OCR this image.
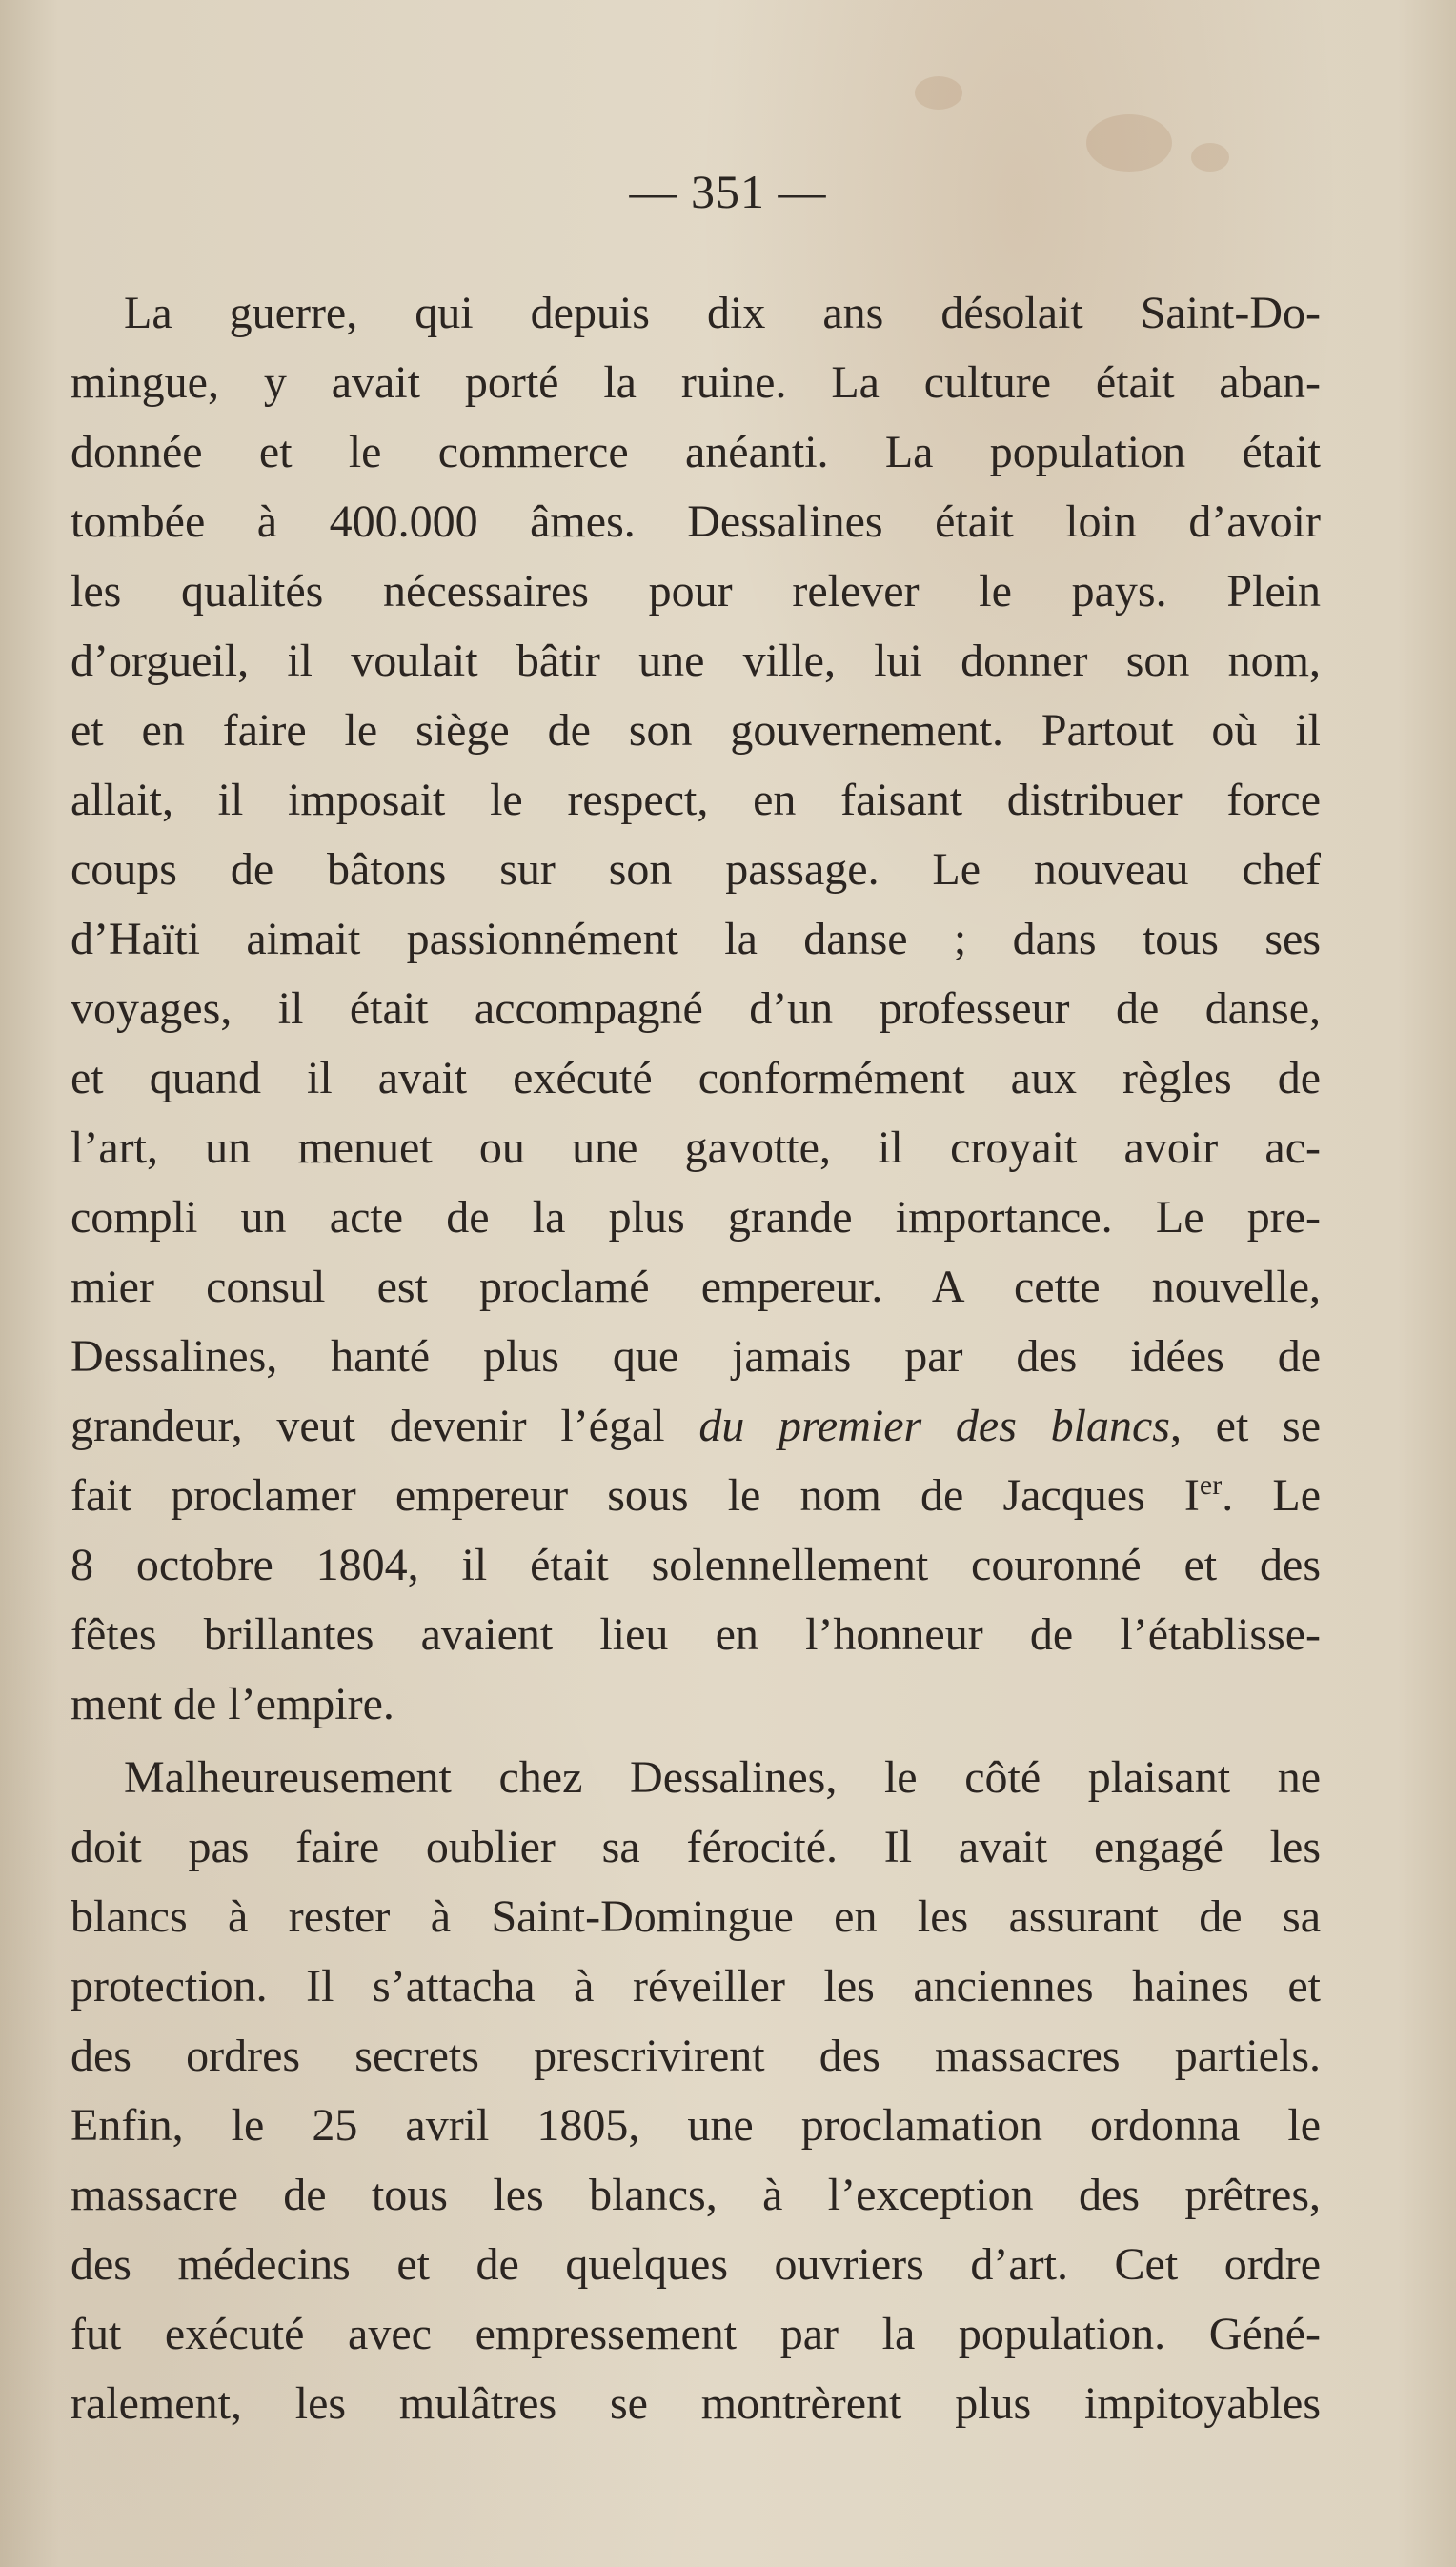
— 351 —
La guerre, qui depuis dix ans désolait Saint-Do-
mingue, y avait porté la ruine. La culture était aban-
donnée et le commerce anéanti. La population était
tombée à 400.000 âmes. Dessalines était loin d’avoir
les qualités nécessaires pour relever le pays. Plein
d’orgueil, il voulait bâtir une ville, lui donner son nom,
et en faire le siège de son gouvernement. Partout où il
allait, il imposait le respect, en faisant distribuer force
coups de bâtons sur son passage. Le nouveau chef
d’Haïti aimait passionnément la danse ; dans tous ses
voyages, il était accompagné d’un professeur de danse,
et quand il avait exécuté conformément aux règles de
l’art, un menuet ou une gavotte, il croyait avoir ac-
compli un acte de la plus grande importance. Le pre-
mier consul est proclamé empereur. A cette nouvelle,
Dessalines, hanté plus que jamais par des idées de
grandeur, veut devenir l’égal du premier des blancs, et se
fait proclamer empereur sous le nom de Jacques Ier. Le
8 octobre 1804, il était solennellement couronné et des
fêtes brillantes avaient lieu en l’honneur de l’établisse-
ment de l’empire.
Malheureusement chez Dessalines, le côté plaisant ne
doit pas faire oublier sa férocité. Il avait engagé les
blancs à rester à Saint-Domingue en les assurant de sa
protection. Il s’attacha à réveiller les anciennes haines et
des ordres secrets prescrivirent des massacres partiels.
Enfin, le 25 avril 1805, une proclamation ordonna le
massacre de tous les blancs, à l’exception des prêtres,
des médecins et de quelques ouvriers d’art. Cet ordre
fut exécuté avec empressement par la population. Géné-
ralement, les mulâtres se montrèrent plus impitoyables
